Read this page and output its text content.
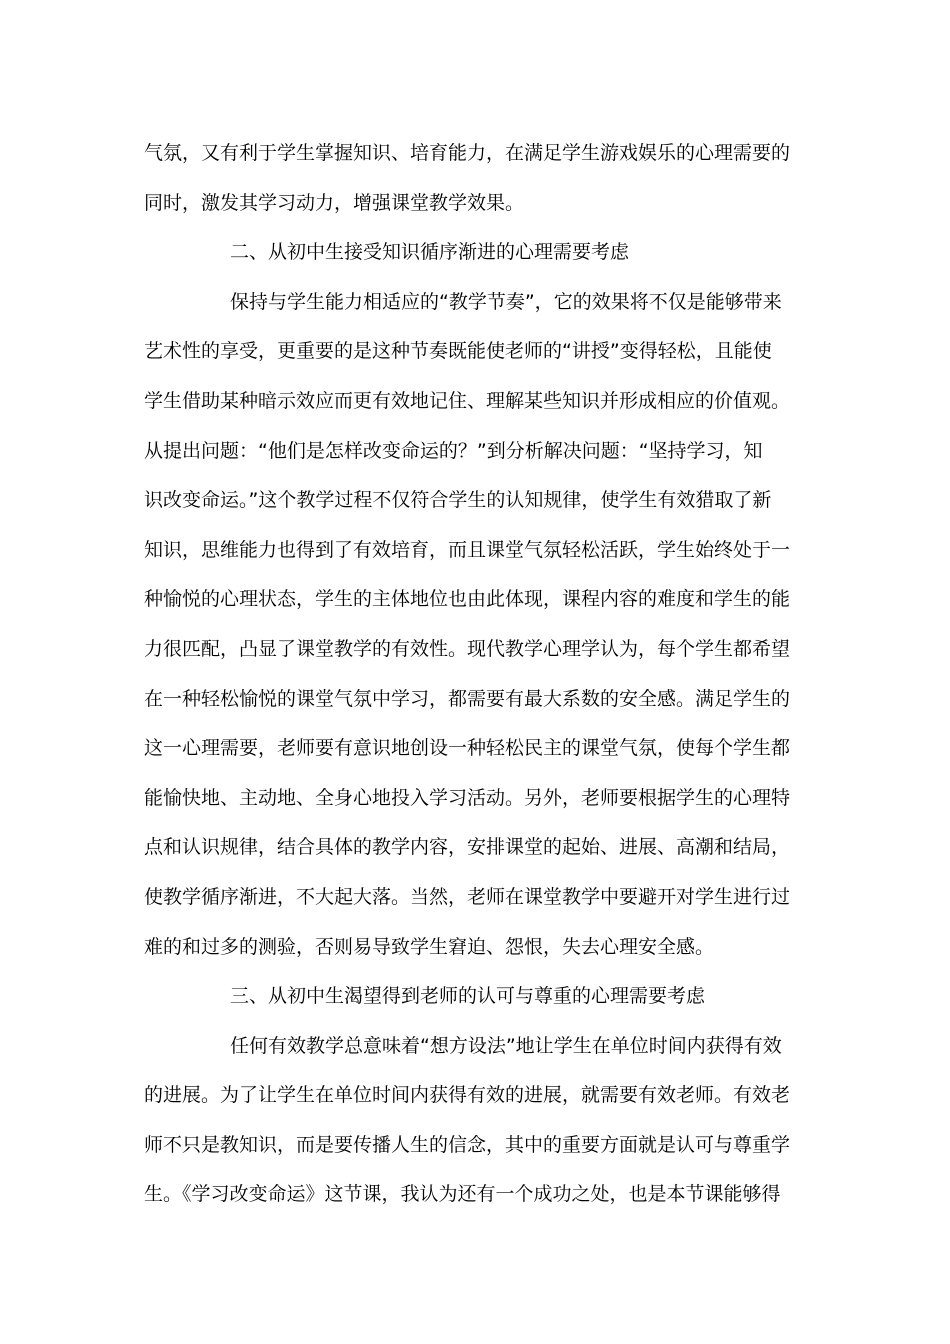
气氛，又有利于学生掌握知识、培育能力，在满足学生游戏娱乐的心理需要的
同时，激发其学习动力，增强课堂教学效果。
二、从初中生接受知识循序渐进的心理需要考虑
保持与学生能力相适应的“教学节奏”，它的效果将不仅是能够带来
艺术性的享受，更重要的是这种节奏既能使老师的“讲授”变得轻松，且能使
学生借助某种暗示效应而更有效地记住、理解某些知识并形成相应的价值观。
从提出问题：“他们是怎样改变命运的？”到分析解决问题：“坚持学习，知
识改变命运。”这个教学过程不仅符合学生的认知规律，使学生有效猎取了新
知识，思维能力也得到了有效培育，而且课堂气氛轻松活跃，学生始终处于一
种愉悦的心理状态，学生的主体地位也由此体现，课程内容的难度和学生的能
力很匹配，凸显了课堂教学的有效性。现代教学心理学认为，每个学生都希望
在一种轻松愉悦的课堂气氛中学习，都需要有最大系数的安全感。满足学生的
这一心理需要，老师要有意识地创设一种轻松民主的课堂气氛，使每个学生都
能愉快地、主动地、全身心地投入学习活动。另外，老师要根据学生的心理特
点和认识规律，结合具体的教学内容，安排课堂的起始、进展、高潮和结局，
使教学循序渐进，不大起大落。当然，老师在课堂教学中要避开对学生进行过
难的和过多的测验，否则易导致学生窘迫、怨恨，失去心理安全感。
三、从初中生渴望得到老师的认可与尊重的心理需要考虑
任何有效教学总意味着“想方设法”地让学生在单位时间内获得有效
的进展。为了让学生在单位时间内获得有效的进展，就需要有效老师。有效老
师不只是教知识，而是要传播人生的信念，其中的重要方面就是认可与尊重学
生。《学习改变命运》这节课，我认为还有一个成功之处，也是本节课能够得
